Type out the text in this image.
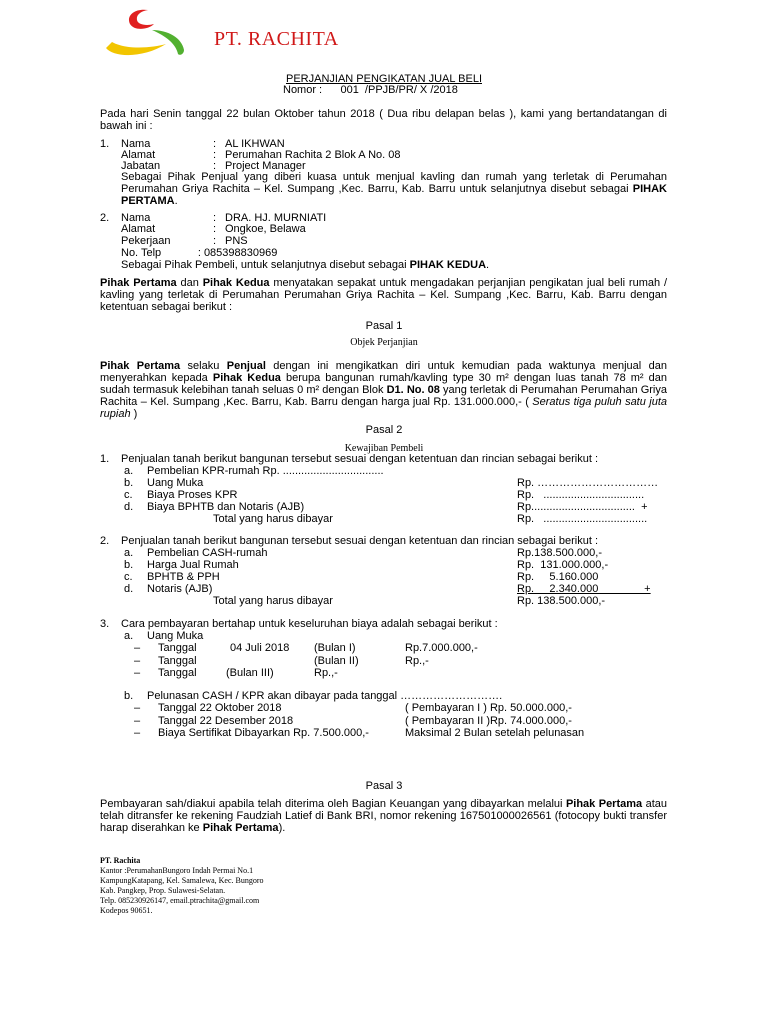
PT. RACHITA
PERJANJIAN PENGIKATAN JUAL BELI
Nomor :      001  /PPJB/PR/ X /2018
Pada hari Senin tanggal 22 bulan Oktober tahun 2018 ( Dua ribu delapan belas ), kami yang bertandatangan di bawah ini :
1. Nama	: AL IKHWAN
Alamat	: Perumahan Rachita 2 Blok A No. 08
Jabatan	: Project Manager
Sebagai Pihak Penjual yang diberi kuasa untuk menjual kavling dan rumah yang terletak di Perumahan Perumahan Griya Rachita – Kel. Sumpang ,Kec. Barru, Kab. Barru untuk selanjutnya disebut sebagai PIHAK PERTAMA.
2. Nama	: DRA. HJ. MURNIATI
Alamat	: Ongkoe, Belawa
Pekerjaan	: PNS
No. Telp            : 085398830969
Sebagai Pihak Pembeli, untuk selanjutnya disebut sebagai PIHAK KEDUA.
Pihak Pertama dan Pihak Kedua menyatakan sepakat untuk mengadakan perjanjian pengikatan jual beli rumah / kavling yang terletak di Perumahan Perumahan Griya Rachita – Kel. Sumpang ,Kec. Barru, Kab. Barru dengan ketentuan sebagai berikut :
Pasal 1
Objek Perjanjian
Pihak Pertama selaku Penjual dengan ini mengikatkan diri untuk kemudian pada waktunya menjual dan menyerahkan kepada Pihak Kedua berupa bangunan rumah/kavling type 30 m² dengan luas tanah 78 m² dan sudah termasuk kelebihan tanah seluas 0 m² dengan Blok D1. No. 08 yang terletak di Perumahan Perumahan Griya Rachita – Kel. Sumpang ,Kec. Barru, Kab. Barru dengan harga jual Rp. 131.000.000,- ( Seratus tiga puluh satu juta rupiah )
Pasal 2
Kewajiban Pembeli
1. Penjualan tanah berikut bangunan tersebut sesuai dengan ketentuan dan rincian sebagai berikut :
a. Pembelian KPR-rumah Rp. .................................
b. Uang Muka	Rp. ……………………………
c. Biaya Proses KPR	Rp.   .................................
d. Biaya BPHTB dan Notaris (AJB)	Rp..................................  +
Total yang harus dibayar	Rp.   ..................................
2. Penjualan tanah berikut bangunan tersebut sesuai dengan ketentuan dan rincian sebagai berikut :
a. Pembelian CASH-rumah	Rp.138.500.000,-
b. Harga Jual Rumah	Rp.  131.000.000,-
c. BPHTB & PPH	Rp.     5.160.000
d. Notaris (AJB)	Rp.     2.340.000               +
Total yang harus dibayar	Rp. 138.500.000,-
3. Cara pembayaran bertahap untuk keseluruhan biaya adalah sebagai berikut :
a. Uang Muka
– Tanggal	04 Juli 2018 (Bulan I)	Rp.7.000.000,-
– Tanggal	(Bulan II)	Rp.,-
– Tanggal	(Bulan III)	Rp.,-
b. Pelunasan CASH / KPR akan dibayar pada tanggal ……………………….
– Tanggal 22 Oktober 2018	( Pembayaran I ) Rp. 50.000.000,-
– Tanggal 22 Desember 2018	( Pembayaran II )Rp. 74.000.000,-
– Biaya Sertifikat Dibayarkan Rp. 7.500.000,-	Maksimal 2 Bulan setelah pelunasan
Pasal 3
Pembayaran sah/diakui apabila telah diterima oleh Bagian Keuangan yang dibayarkan melalui Pihak Pertama atau telah ditransfer ke rekening Faudziah Latief di Bank BRI, nomor rekening 167501000026561 (fotocopy bukti transfer harap diserahkan ke Pihak Pertama).
PT. Rachita
Kantor :PerumahanBungoro Indah Permai No.1
KampungKatapang, Kel. Samalewa, Kec. Bungoro
Kab. Pangkep, Prop. Sulawesi-Selatan.
Telp. 085230926147, email.ptrachita@gmail.com
Kodepos 90651.
